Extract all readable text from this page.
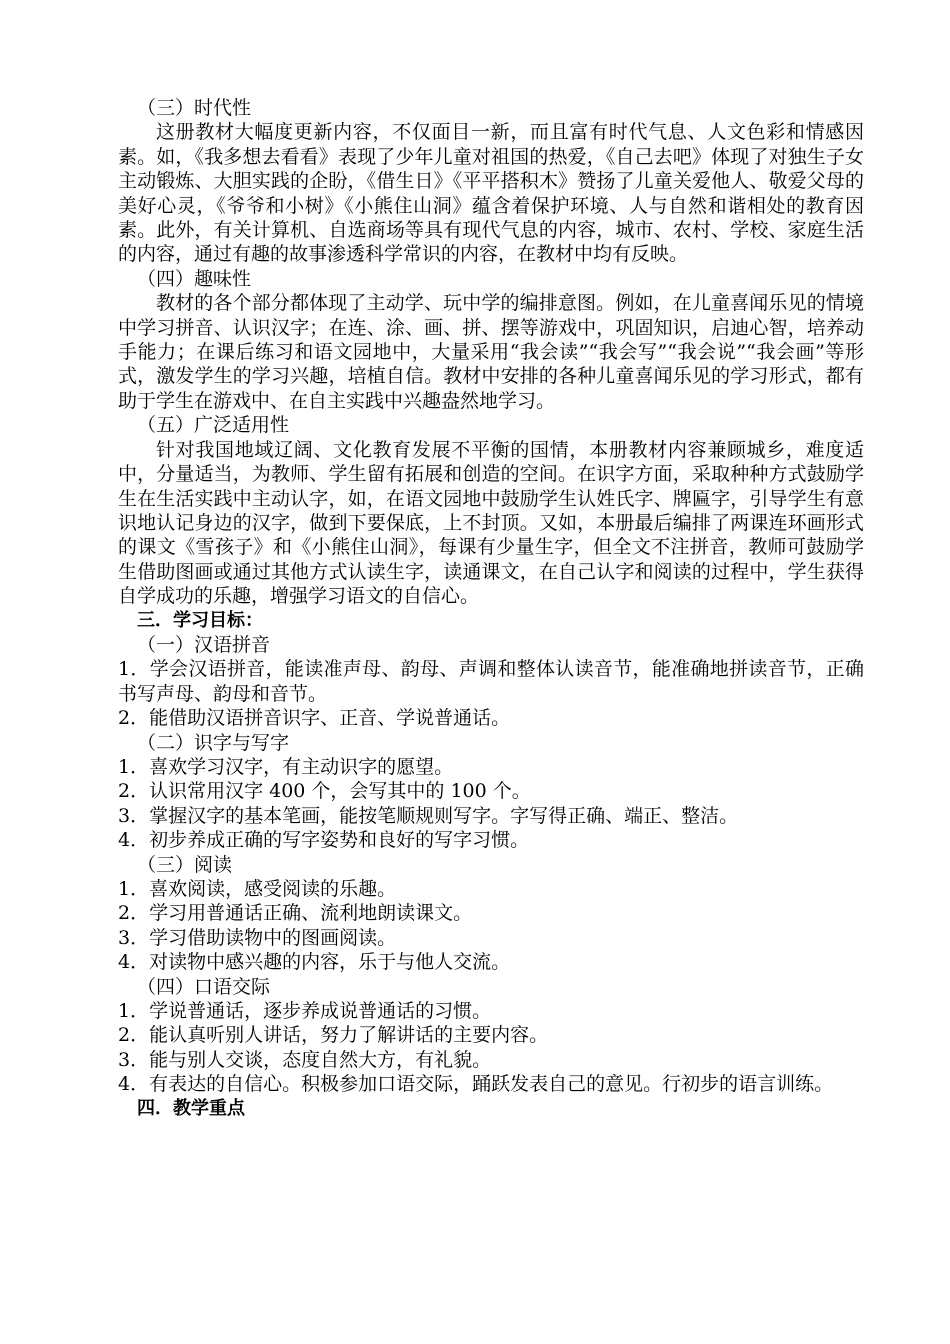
（三）时代性

这册教材大幅度更新内容，不仅面目一新，而且富有时代气息、人文色彩和情感因素。如，《我多想去看看》表现了少年儿童对祖国的热爱，《自己去吧》体现了对独生子女主动锻炼、大胆实践的企盼，《借生日》《平平搭积木》赞扬了儿童关爱他人、敬爱父母的美好心灵，《爷爷和小树》《小熊住山洞》蕴含着保护环境、人与自然和谐相处的教育因素。此外，有关计算机、自选商场等具有现代气息的内容，城市、农村、学校、家庭生活的内容，通过有趣的故事渗透科学常识的内容，在教材中均有反映。

（四）趣味性

教材的各个部分都体现了主动学、玩中学的编排意图。例如，在儿童喜闻乐见的情境中学习拼音、认识汉字；在连、涂、画、拼、摆等游戏中，巩固知识，启迪心智，培养动手能力；在课后练习和语文园地中，大量采用“我会读”“我会写”“我会说”“我会画”等形式，激发学生的学习兴趣，培植自信。教材中安排的各种儿童喜闻乐见的学习形式，都有助于学生在游戏中、在自主实践中兴趣盎然地学习。

（五）广泛适用性

针对我国地域辽阔、文化教育发展不平衡的国情，本册教材内容兼顾城乡，难度适中，分量适当，为教师、学生留有拓展和创造的空间。在识字方面，采取种种方式鼓励学生在生活实践中主动认字，如，在语文园地中鼓励学生认姓氏字、牌匾字，引导学生有意识地认记身边的汉字，做到下要保底，上不封顶。又如，本册最后编排了两课连环画形式的课文《雪孩子》和《小熊住山洞》，每课有少量生字，但全文不注拼音，教师可鼓励学生借助图画或通过其他方式认读生字，读通课文，在自己认字和阅读的过程中，学生获得自学成功的乐趣，增强学习语文的自信心。

三．学习目标：

（一）汉语拼音

1．学会汉语拼音，能读准声母、韵母、声调和整体认读音节，能准确地拼读音节，正确书写声母、韵母和音节。

2．能借助汉语拼音识字、正音、学说普通话。

（二）识字与写字

1．喜欢学习汉字，有主动识字的愿望。

2．认识常用汉字 400 个，会写其中的 100 个。

3．掌握汉字的基本笔画，能按笔顺规则写字。字写得正确、端正、整洁。

4．初步养成正确的写字姿势和良好的写字习惯。

（三）阅读

1．喜欢阅读，感受阅读的乐趣。

2．学习用普通话正确、流利地朗读课文。

3．学习借助读物中的图画阅读。

4．对读物中感兴趣的内容，乐于与他人交流。

（四）口语交际

1．学说普通话，逐步养成说普通话的习惯。

2．能认真听别人讲话，努力了解讲话的主要内容。

3．能与别人交谈，态度自然大方，有礼貌。

4．有表达的自信心。积极参加口语交际，踊跃发表自己的意见。行初步的语言训练。

四．教学重点
